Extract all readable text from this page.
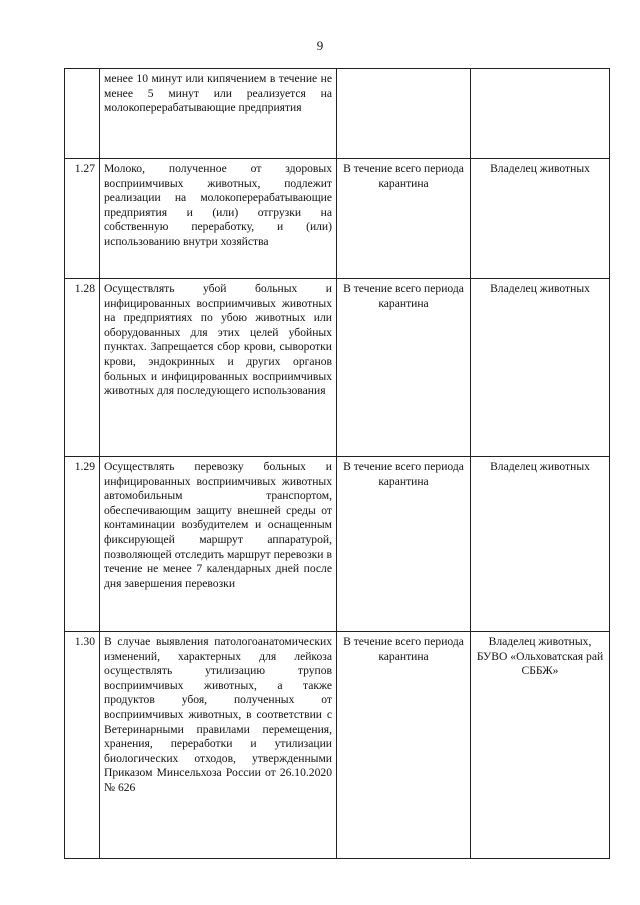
9
	менее 10 минут или кипячением в течение не менее 5 минут или реализуется на молокоперерабатывающие предприятия		
1.27	Молоко, полученное от здоровых восприимчивых животных, подлежит реализации на молокоперерабатывающие предприятия и (или) отгрузки на собственную переработку, и (или) использованию внутри хозяйства	В течение всего периода карантина	Владелец животных
1.28	Осуществлять убой больных и инфицированных восприимчивых животных на предприятиях по убою животных или оборудованных для этих целей убойных пунктах. Запрещается сбор крови, сыворотки крови, эндокринных и других органов больных и инфицированных восприимчивых животных для последующего использования	В течение всего периода карантина	Владелец животных
1.29	Осуществлять перевозку больных и инфицированных восприимчивых животных автомобильным транспортом, обеспечивающим защиту внешней среды от контаминации возбудителем и оснащенным фиксирующей маршрут аппаратурой, позволяющей отследить маршрут перевозки в течение не менее 7 календарных дней после дня завершения перевозки	В течение всего периода карантина	Владелец животных
1.30	В случае выявления патологоанатомических изменений, характерных для лейкоза осуществлять утилизацию трупов восприимчивых животных, а также продуктов убоя, полученных от восприимчивых животных, в соответствии с Ветеринарными правилами перемещения, хранения, переработки и утилизации биологических отходов, утвержденными Приказом Минсельхоза России от 26.10.2020 № 626	В течение всего периода карантина	Владелец животных, БУВО «Ольховатская рай СББЖ»
